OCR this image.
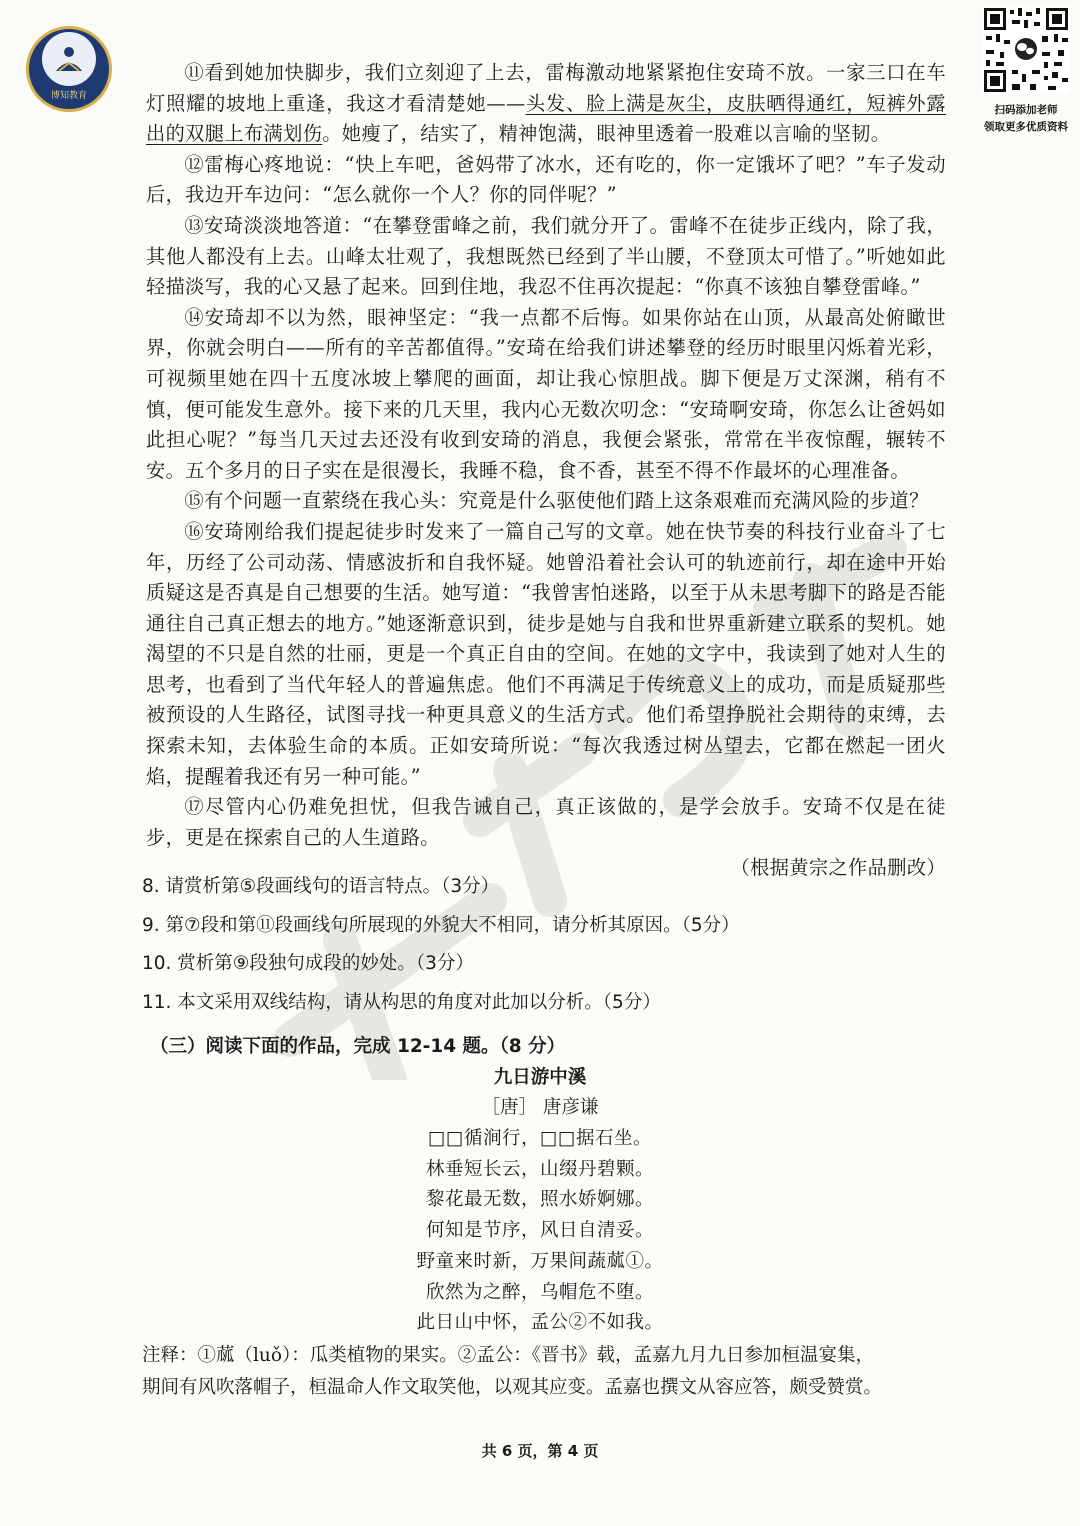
博知教育
扫码添加老师
领取更多优质资料

⑪看到她加快脚步，我们立刻迎了上去，雷梅激动地紧紧抱住安琦不放。一家三口在车灯照耀的坡地上重逢，我这才看清楚她——头发、脸上满是灰尘，皮肤晒得通红，短裤外露出的双腿上布满划伤。她瘦了，结实了，精神饱满，眼神里透着一股难以言喻的坚韧。

⑫雷梅心疼地说：“快上车吧，爸妈带了冰水，还有吃的，你一定饿坏了吧？”车子发动后，我边开车边问：“怎么就你一个人？你的同伴呢？”

⑬安琦淡淡地答道：“在攀登雷峰之前，我们就分开了。雷峰不在徒步正线内，除了我，其他人都没有上去。山峰太壮观了，我想既然已经到了半山腰，不登顶太可惜了。”听她如此轻描淡写，我的心又悬了起来。回到住地，我忍不住再次提起：“你真不该独自攀登雷峰。”

⑭安琦却不以为然，眼神坚定：“我一点都不后悔。如果你站在山顶，从最高处俯瞰世界，你就会明白——所有的辛苦都值得。”安琦在给我们讲述攀登的经历时眼里闪烁着光彩，可视频里她在四十五度冰坡上攀爬的画面，却让我心惊胆战。脚下便是万丈深渊，稍有不慎，便可能发生意外。接下来的几天里，我内心无数次叨念：“安琦啊安琦，你怎么让爸妈如此担心呢？”每当几天过去还没有收到安琦的消息，我便会紧张，常常在半夜惊醒，辗转不安。五个多月的日子实在是很漫长，我睡不稳，食不香，甚至不得不作最坏的心理准备。

⑮有个问题一直萦绕在我心头：究竟是什么驱使他们踏上这条艰难而充满风险的步道？

⑯安琦刚给我们提起徒步时发来了一篇自己写的文章。她在快节奏的科技行业奋斗了七年，历经了公司动荡、情感波折和自我怀疑。她曾沿着社会认可的轨迹前行，却在途中开始质疑这是否真是自己想要的生活。她写道：“我曾害怕迷路，以至于从未思考脚下的路是否能通往自己真正想去的地方。”她逐渐意识到，徒步是她与自我和世界重新建立联系的契机。她渴望的不只是自然的壮丽，更是一个真正自由的空间。在她的文字中，我读到了她对人生的思考，也看到了当代年轻人的普遍焦虑。他们不再满足于传统意义上的成功，而是质疑那些被预设的人生路径，试图寻找一种更具意义的生活方式。他们希望挣脱社会期待的束缚，去探索未知，去体验生命的本质。正如安琦所说：“每次我透过树丛望去，它都在燃起一团火焰，提醒着我还有另一种可能。”

⑰尽管内心仍难免担忧，但我告诫自己，真正该做的，是学会放手。安琦不仅是在徒步，更是在探索自己的人生道路。
（根据黄宗之作品删改）

8. 请赏析第⑤段画线句的语言特点。（3分）
9. 第⑦段和第⑪段画线句所展现的外貌大不相同，请分析其原因。（5分）
10. 赏析第⑨段独句成段的妙处。（3分）
11. 本文采用双线结构，请从构思的角度对此加以分析。（5分）
（三）阅读下面的作品，完成 12-14 题。（8 分）
九日游中溪
［唐］ 唐彦谦
□□循涧行，□□据石坐。
林垂短长云，山缀丹碧颗。
黎花最无数，照水娇婀娜。
何知是节序，风日自清妥。
野童来时新，万果间蔬蓏①。
欣然为之醉，乌帽危不堕。
此日山中怀，孟公②不如我。
注释：①蓏（luǒ）：瓜类植物的果实。②孟公：《晋书》载，孟嘉九月九日参加桓温宴集，
期间有风吹落帽子，桓温命人作文取笑他，以观其应变。孟嘉也撰文从容应答，颇受赞赏。
共 6 页，第 4 页
